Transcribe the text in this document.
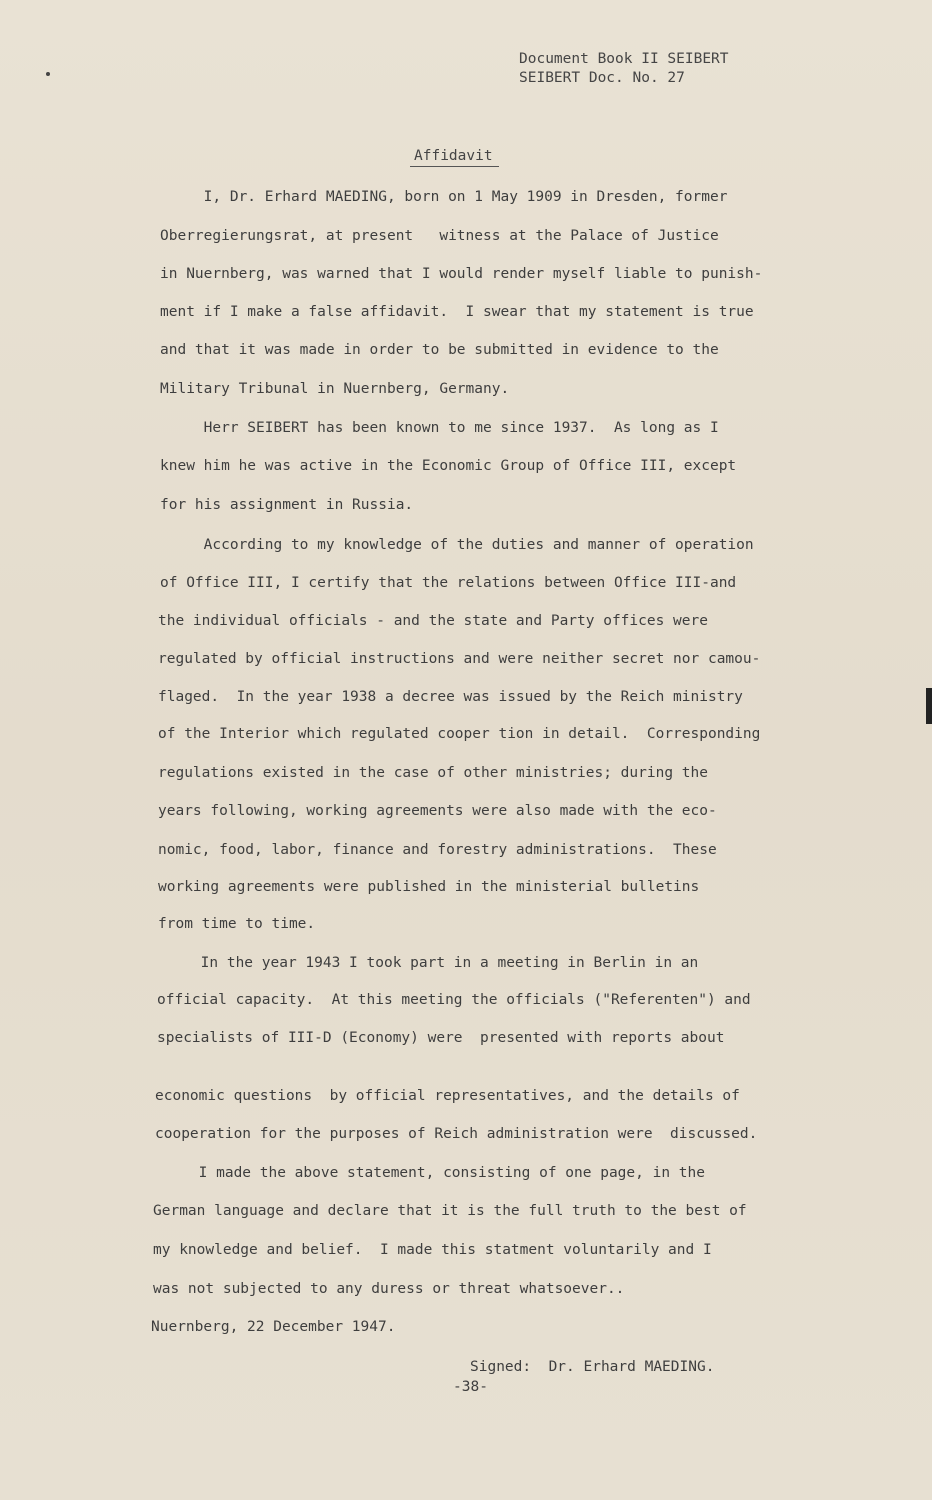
Document Book II SEIBERT
SEIBERT Doc. No. 27
Affidavit
I, Dr. Erhard MAEDING, born on 1 May 1909 in Dresden, former
Oberregierungsrat, at present   witness at the Palace of Justice
in Nuernberg, was warned that I would render myself liable to punish-
ment if I make a false affidavit.  I swear that my statement is true
and that it was made in order to be submitted in evidence to the
Military Tribunal in Nuernberg, Germany.
Herr SEIBERT has been known to me since 1937.  As long as I
knew him he was active in the Economic Group of Office III, except
for his assignment in Russia.
According to my knowledge of the duties and manner of operation
of Office III, I certify that the relations between Office III-and
the individual officials - and the state and Party offices were
regulated by official instructions and were neither secret nor camou-
flaged.  In the year 1938 a decree was issued by the Reich ministry
of the Interior which regulated cooper tion in detail.  Corresponding
regulations existed in the case of other ministries; during the
years following, working agreements were also made with the eco-
nomic, food, labor, finance and forestry administrations.  These
working agreements were published in the ministerial bulletins
from time to time.
In the year 1943 I took part in a meeting in Berlin in an
official capacity.  At this meeting the officials ("Referenten") and
specialists of III-D (Economy) were  presented with reports about
economic questions  by official representatives, and the details of
cooperation for the purposes of Reich administration were  discussed.
I made the above statement, consisting of one page, in the
German language and declare that it is the full truth to the best of
my knowledge and belief.  I made this statment voluntarily and I
was not subjected to any duress or threat whatsoever..
Nuernberg, 22 December 1947.
Signed:  Dr. Erhard MAEDING.
-38-
